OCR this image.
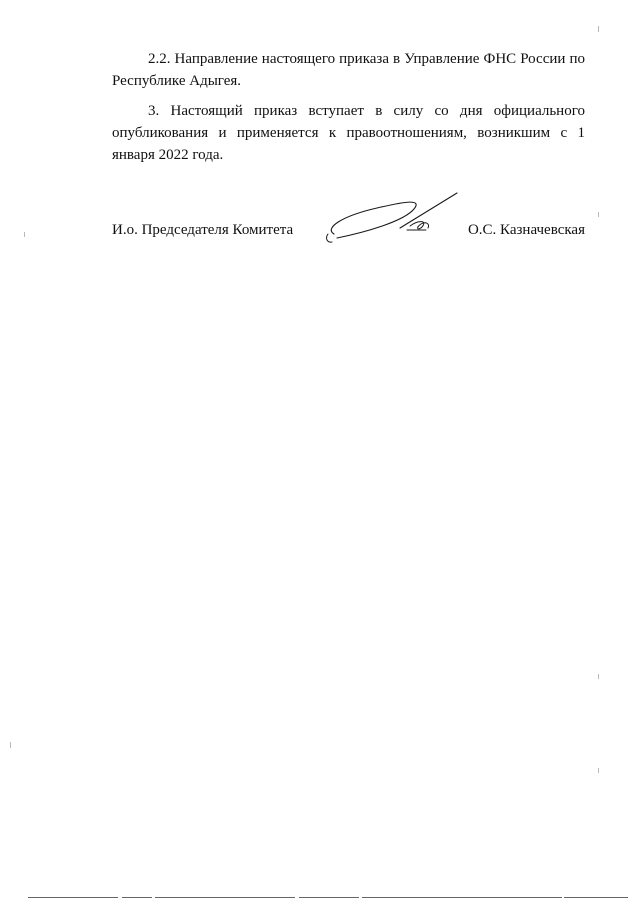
2.2. Направление настоящего приказа в Управление ФНС России по Республике Адыгея.

3. Настоящий приказ вступает в силу со дня официального опубликования и применяется к правоотношениям, возникшим с 1 января 2022 года.

И.о. Председателя Комитета	О.С. Казначевская
